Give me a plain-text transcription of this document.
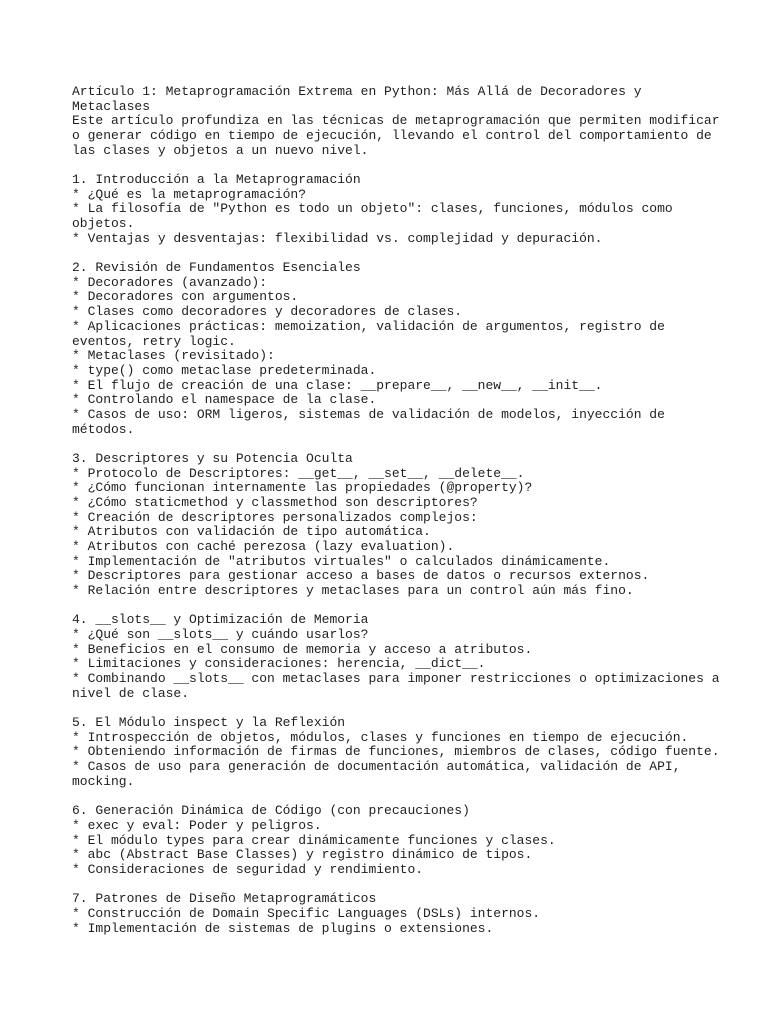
Artículo 1: Metaprogramación Extrema en Python: Más Allá de Decoradores y
Metaclases
Este artículo profundiza en las técnicas de metaprogramación que permiten modificar
o generar código en tiempo de ejecución, llevando el control del comportamiento de
las clases y objetos a un nuevo nivel.
1. Introducción a la Metaprogramación
* ¿Qué es la metaprogramación?
* La filosofía de "Python es todo un objeto": clases, funciones, módulos como
objetos.
* Ventajas y desventajas: flexibilidad vs. complejidad y depuración.
2. Revisión de Fundamentos Esenciales
* Decoradores (avanzado):
* Decoradores con argumentos.
* Clases como decoradores y decoradores de clases.
* Aplicaciones prácticas: memoization, validación de argumentos, registro de
eventos, retry logic.
* Metaclases (revisitado):
* type() como metaclase predeterminada.
* El flujo de creación de una clase: __prepare__, __new__, __init__.
* Controlando el namespace de la clase.
* Casos de uso: ORM ligeros, sistemas de validación de modelos, inyección de
métodos.
3. Descriptores y su Potencia Oculta
* Protocolo de Descriptores: __get__, __set__, __delete__.
* ¿Cómo funcionan internamente las propiedades (@property)?
* ¿Cómo staticmethod y classmethod son descriptores?
* Creación de descriptores personalizados complejos:
* Atributos con validación de tipo automática.
* Atributos con caché perezosa (lazy evaluation).
* Implementación de "atributos virtuales" o calculados dinámicamente.
* Descriptores para gestionar acceso a bases de datos o recursos externos.
* Relación entre descriptores y metaclases para un control aún más fino.
4. __slots__ y Optimización de Memoria
* ¿Qué son __slots__ y cuándo usarlos?
* Beneficios en el consumo de memoria y acceso a atributos.
* Limitaciones y consideraciones: herencia, __dict__.
* Combinando __slots__ con metaclases para imponer restricciones o optimizaciones a
nivel de clase.
5. El Módulo inspect y la Reflexión
* Introspección de objetos, módulos, clases y funciones en tiempo de ejecución.
* Obteniendo información de firmas de funciones, miembros de clases, código fuente.
* Casos de uso para generación de documentación automática, validación de API,
mocking.
6. Generación Dinámica de Código (con precauciones)
* exec y eval: Poder y peligros.
* El módulo types para crear dinámicamente funciones y clases.
* abc (Abstract Base Classes) y registro dinámico de tipos.
* Consideraciones de seguridad y rendimiento.
7. Patrones de Diseño Metaprogramáticos
* Construcción de Domain Specific Languages (DSLs) internos.
* Implementación de sistemas de plugins o extensiones.
